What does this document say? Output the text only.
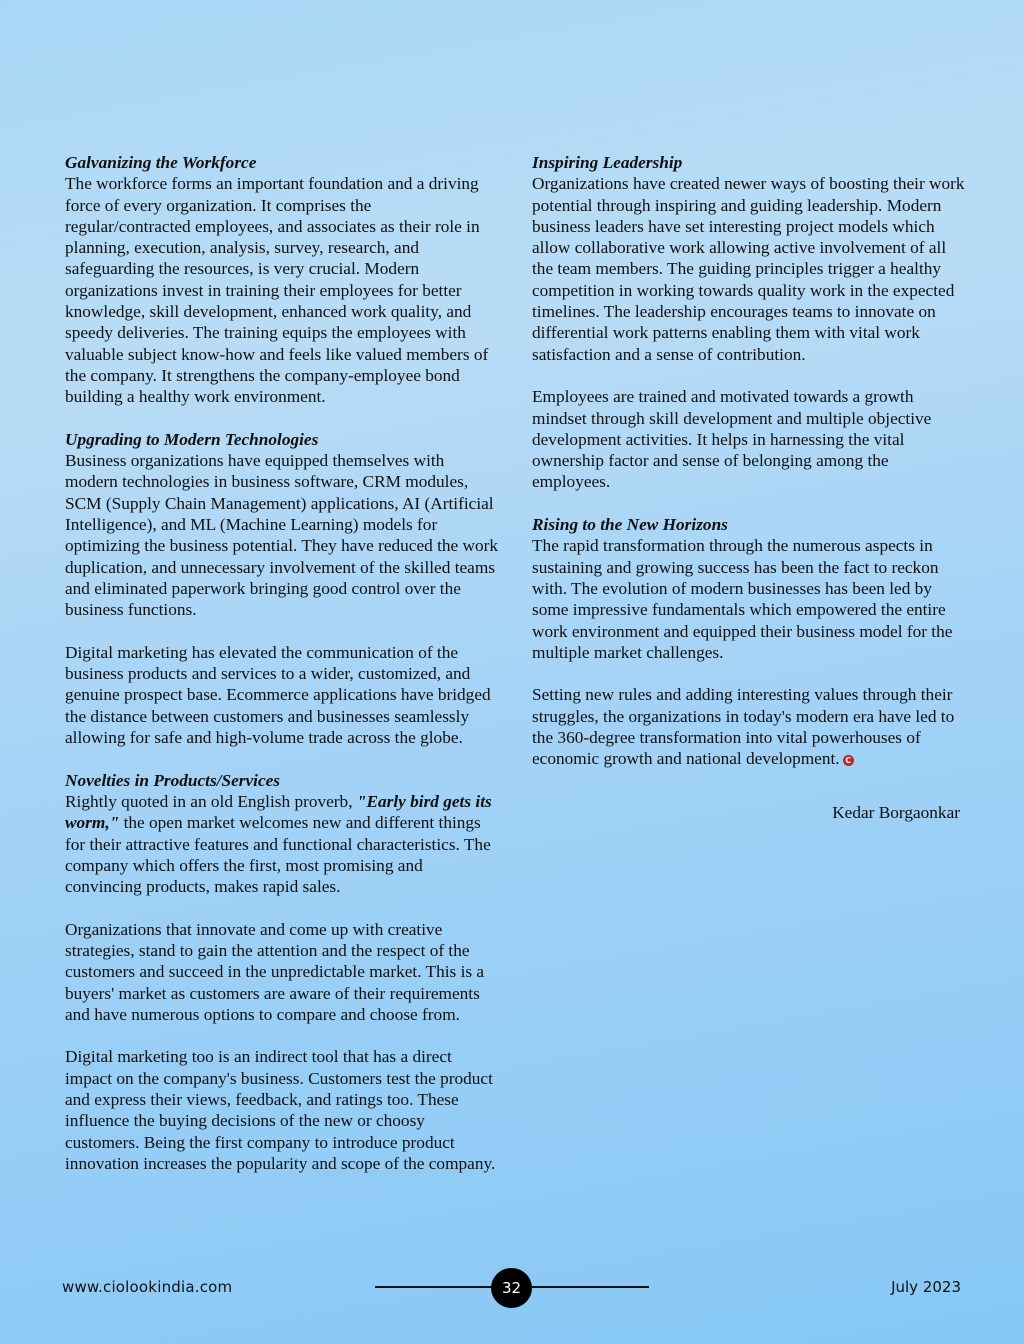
Galvanizing the Workforce

The workforce forms an important foundation and a driving force of every organization. It comprises the regular/contracted employees, and associates as their role in planning, execution, analysis, survey, research, and safeguarding the resources, is very crucial. Modern organizations invest in training their employees for better knowledge, skill development, enhanced work quality, and speedy deliveries. The training equips the employees with valuable subject know-how and feels like valued members of the company. It strengthens the company-employee bond building a healthy work environment.

Upgrading to Modern Technologies

Business organizations have equipped themselves with modern technologies in business software, CRM modules, SCM (Supply Chain Management) applications, AI (Artificial Intelligence), and ML (Machine Learning) models for optimizing the business potential. They have reduced the work duplication, and unnecessary involvement of the skilled teams and eliminated paperwork bringing good control over the business functions.

Digital marketing has elevated the communication of the business products and services to a wider, customized, and genuine prospect base. Ecommerce applications have bridged the distance between customers and businesses seamlessly allowing for safe and high-volume trade across the globe.

Novelties in Products/Services

Rightly quoted in an old English proverb, "Early bird gets its worm," the open market welcomes new and different things for their attractive features and functional characteristics. The company which offers the first, most promising and convincing products, makes rapid sales.

Organizations that innovate and come up with creative strategies, stand to gain the attention and the respect of the customers and succeed in the unpredictable market. This is a buyers' market as customers are aware of their requirements and have numerous options to compare and choose from.

Digital marketing too is an indirect tool that has a direct impact on the company's business. Customers test the product and express their views, feedback, and ratings too. These influence the buying decisions of the new or choosy customers. Being the first company to introduce product innovation increases the popularity and scope of the company.

Inspiring Leadership

Organizations have created newer ways of boosting their work potential through inspiring and guiding leadership. Modern business leaders have set interesting project models which allow collaborative work allowing active involvement of all the team members. The guiding principles trigger a healthy competition in working towards quality work in the expected timelines. The leadership encourages teams to innovate on differential work patterns enabling them with vital work satisfaction and a sense of contribution.

Employees are trained and motivated towards a growth mindset through skill development and multiple objective development activities. It helps in harnessing the vital ownership factor and sense of belonging among the employees.

Rising to the New Horizons

The rapid transformation through the numerous aspects in sustaining and growing success has been the fact to reckon with. The evolution of modern businesses has been led by some impressive fundamentals which empowered the entire work environment and equipped their business model for the multiple market challenges.

Setting new rules and adding interesting values through their struggles, the organizations in today's modern era have led to the 360-degree transformation into vital powerhouses of economic growth and national development. C

Kedar Borgaonkar

www.ciolookindia.com	32	July 2023
